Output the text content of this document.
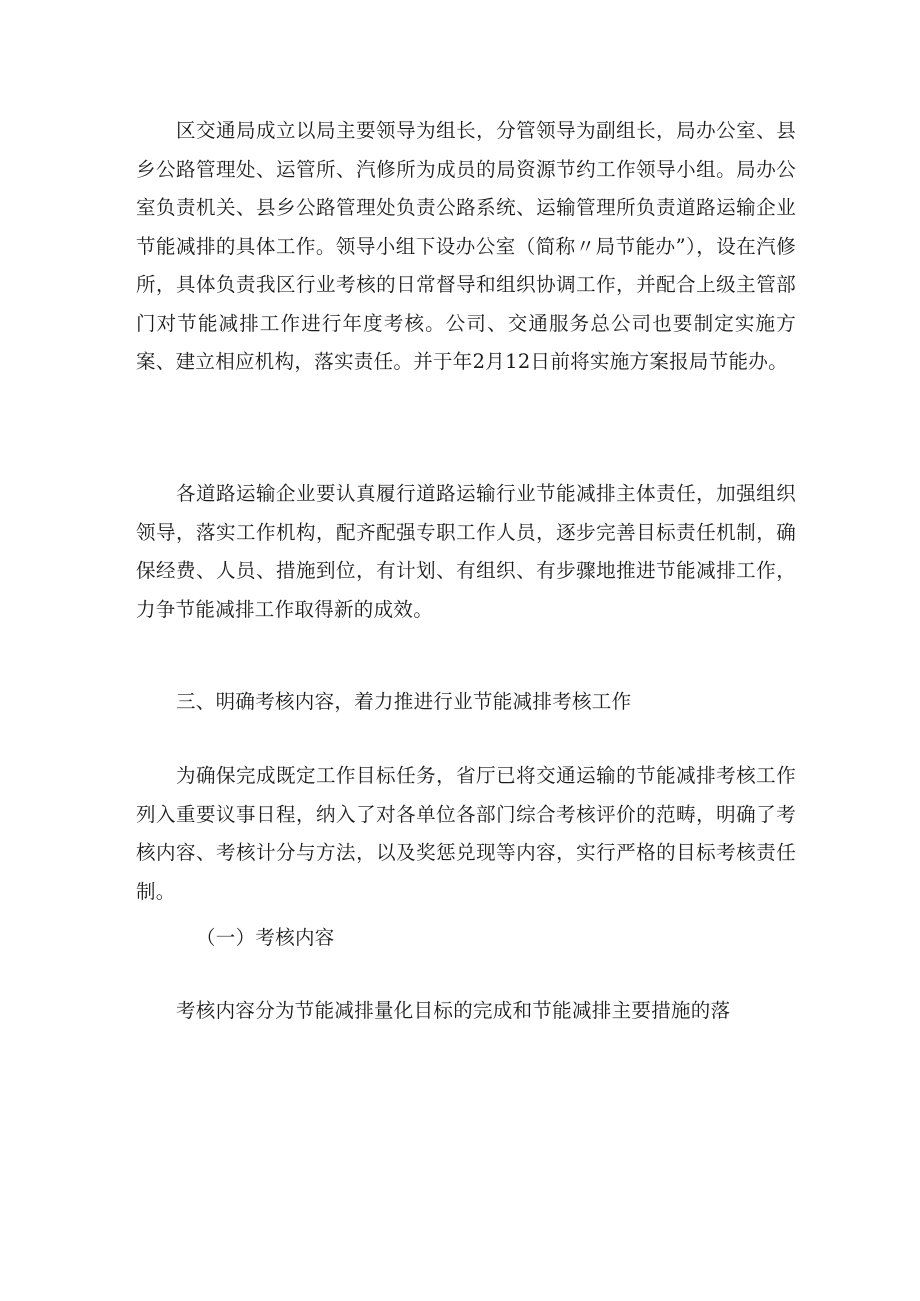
区交通局成立以局主要领导为组长，分管领导为副组长，局办公室、县乡公路管理处、运管所、汽修所为成员的局资源节约工作领导小组。局办公室负责机关、县乡公路管理处负责公路系统、运输管理所负责道路运输企业节能减排的具体工作。领导小组下设办公室（简称〃局节能办”），设在汽修所，具体负责我区行业考核的日常督导和组织协调工作，并配合上级主管部门对节能减排工作进行年度考核。公司、交通服务总公司也要制定实施方案、建立相应机构，落实责任。并于年2月12日前将实施方案报局节能办。

各道路运输企业要认真履行道路运输行业节能减排主体责任，加强组织领导，落实工作机构，配齐配强专职工作人员，逐步完善目标责任机制，确保经费、人员、措施到位，有计划、有组织、有步骤地推进节能减排工作，力争节能减排工作取得新的成效。

三、明确考核内容，着力推进行业节能减排考核工作

为确保完成既定工作目标任务，省厅已将交通运输的节能减排考核工作列入重要议事日程，纳入了对各单位各部门综合考核评价的范畴，明确了考核内容、考核计分与方法，以及奖惩兑现等内容，实行严格的目标考核责任制。

（一）考核内容

考核内容分为节能减排量化目标的完成和节能减排主要措施的落
